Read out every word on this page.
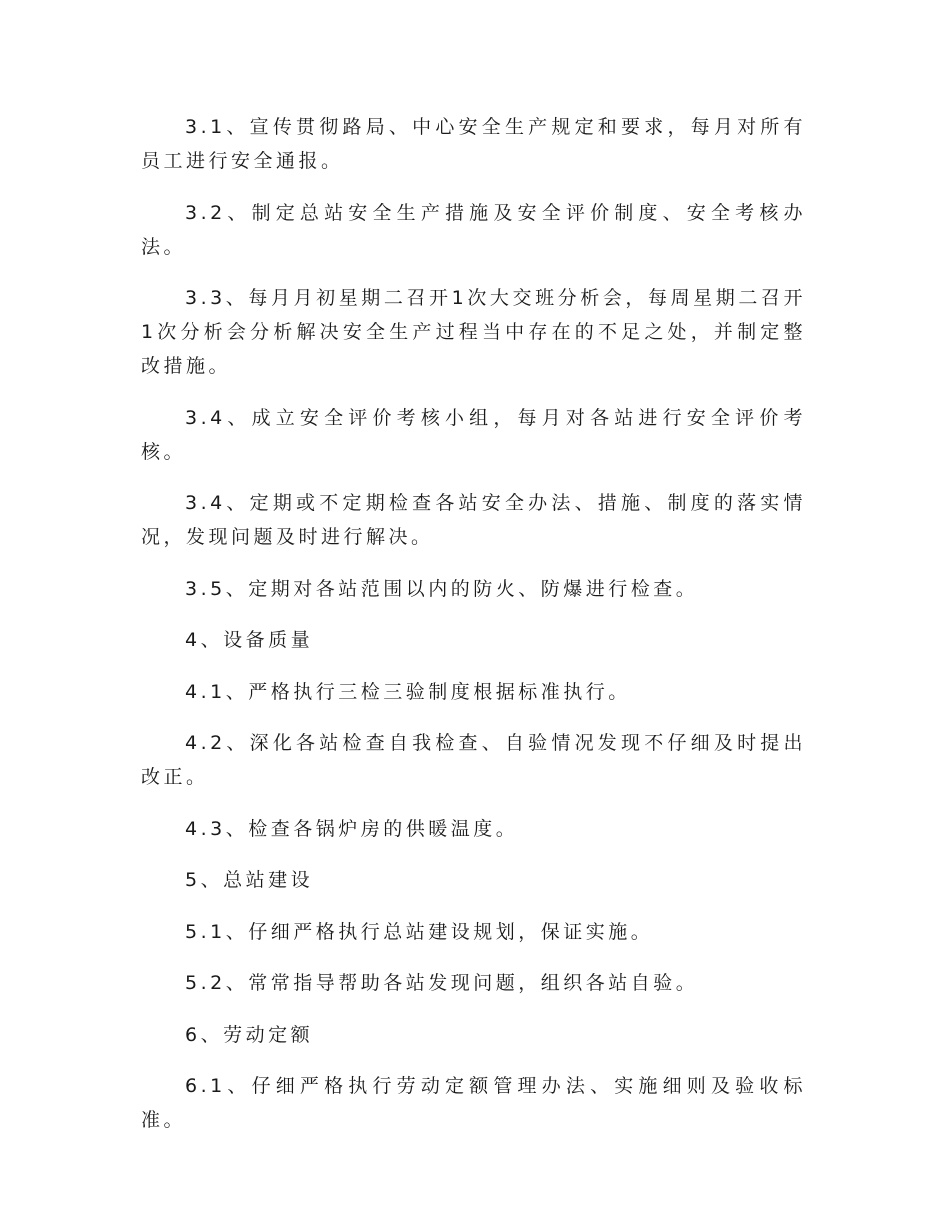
3.1、宣传贯彻路局、中心安全生产规定和要求，每月对所有员工进行安全通报。

3.2、制定总站安全生产措施及安全评价制度、安全考核办法。

3.3、每月月初星期二召开1次大交班分析会，每周星期二召开1次分析会分析解决安全生产过程当中存在的不足之处，并制定整改措施。

3.4、成立安全评价考核小组，每月对各站进行安全评价考核。

3.4、定期或不定期检查各站安全办法、措施、制度的落实情况，发现问题及时进行解决。

3.5、定期对各站范围以内的防火、防爆进行检查。

4、设备质量

4.1、严格执行三检三验制度根据标准执行。

4.2、深化各站检查自我检查、自验情况发现不仔细及时提出改正。

4.3、检查各锅炉房的供暖温度。

5、总站建设

5.1、仔细严格执行总站建设规划，保证实施。

5.2、常常指导帮助各站发现问题，组织各站自验。

6、劳动定额

6.1、仔细严格执行劳动定额管理办法、实施细则及验收标准。
